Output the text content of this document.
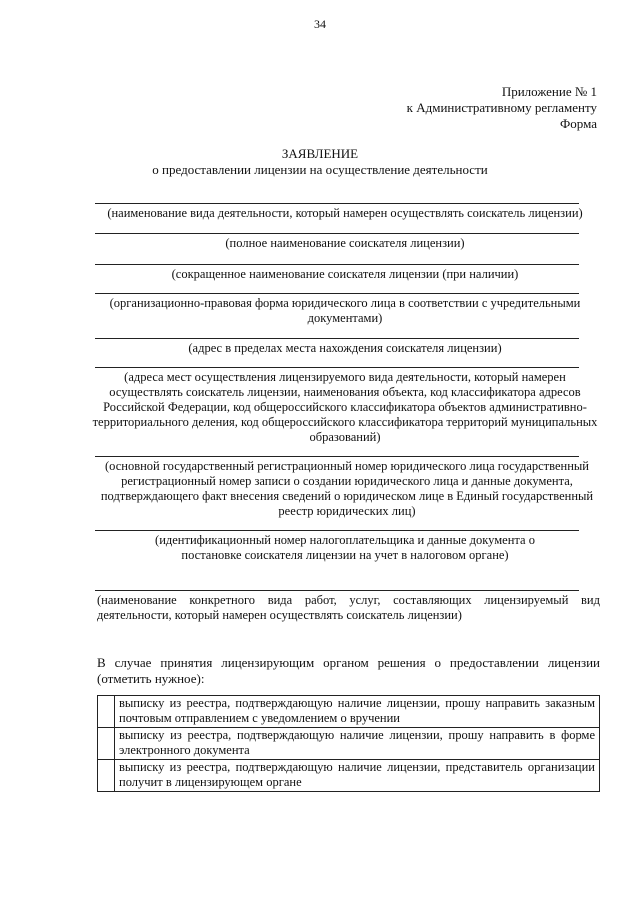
34
Приложение № 1
к Административному регламенту
Форма
ЗАЯВЛЕНИЕ
о предоставлении лицензии на осуществление деятельности
(наименование вида деятельности, который намерен осуществлять соискатель лицензии)
(полное наименование соискателя лицензии)
(сокращенное наименование соискателя лицензии (при наличии)
(организационно-правовая форма юридического лица в соответствии с учредительными документами)
(адрес в пределах места нахождения соискателя лицензии)
(адреса мест осуществления лицензируемого вида деятельности, который намерен осуществлять соискатель лицензии, наименования объекта, код классификатора адресов Российской Федерации, код общероссийского классификатора объектов административно-территориального деления, код общероссийского классификатора территорий муниципальных образований)
(основной государственный регистрационный номер юридического лица государственный регистрационный номер записи о создании юридического лица и данные документа, подтверждающего факт внесения сведений о юридическом лице в Единый государственный реестр юридических лиц)
(идентификационный номер налогоплательщика и данные документа о постановке соискателя лицензии на учет в налоговом органе)
(наименование конкретного вида работ, услуг, составляющих лицензируемый вид деятельности, который намерен осуществлять соискатель лицензии)
В случае принятия лицензирующим органом решения о предоставлении лицензии (отметить нужное):
	выписку из реестра, подтверждающую наличие лицензии, прошу направить заказным почтовым отправлением с уведомлением о вручении
	выписку из реестра, подтверждающую наличие лицензии, прошу направить в форме электронного документа
	выписку из реестра, подтверждающую наличие лицензии, представитель организации получит в лицензирующем органе
